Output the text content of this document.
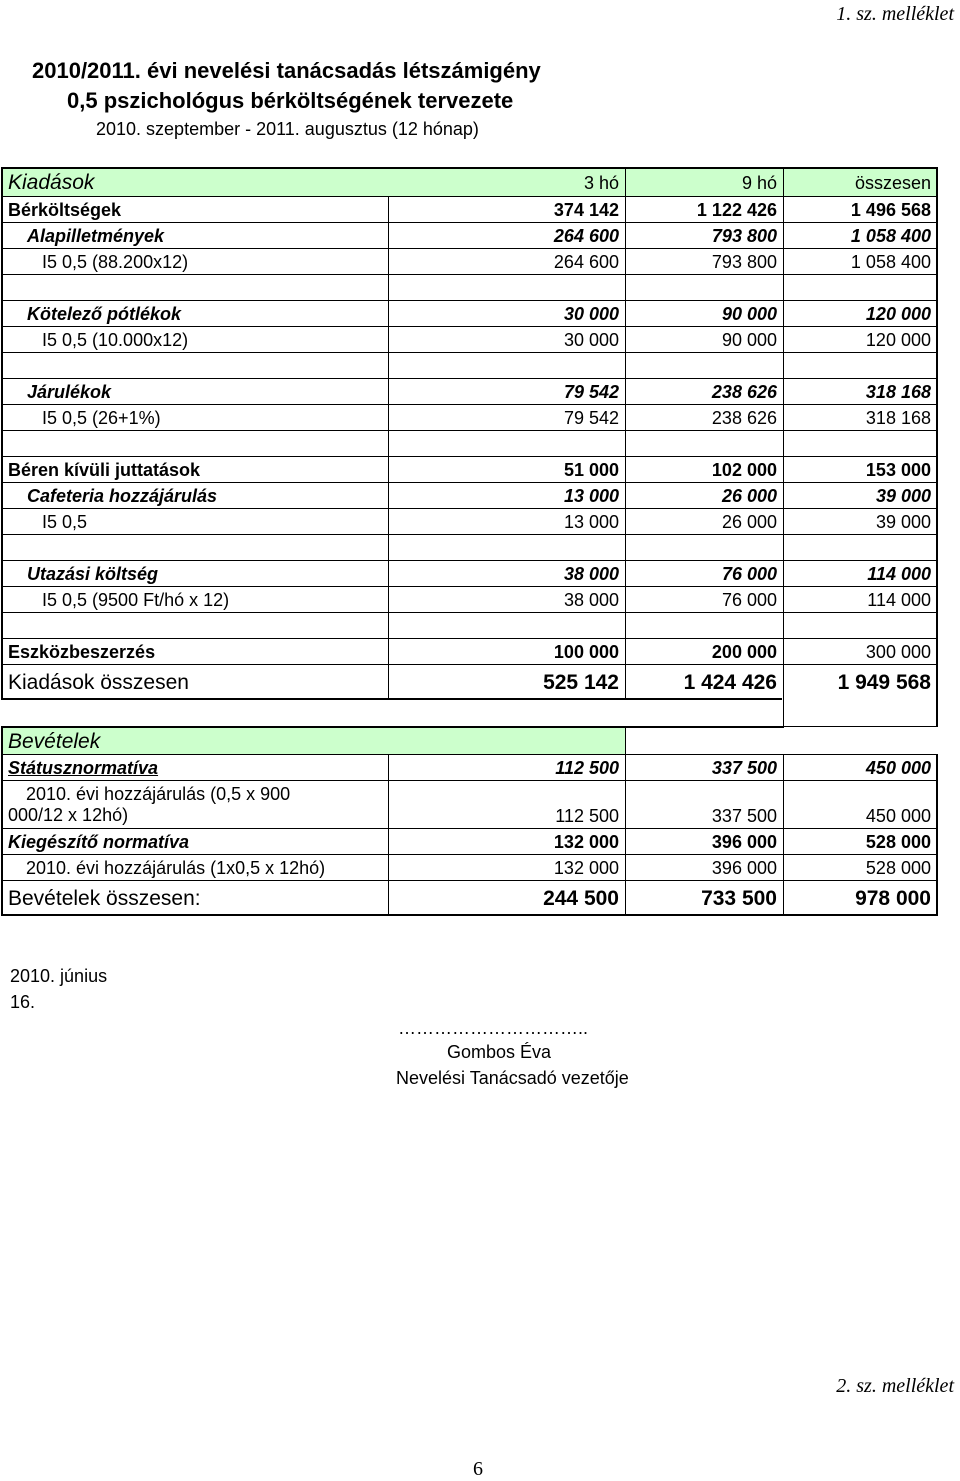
1. sz. melléklet
2010/2011. évi nevelési tanácsadás létszámigény
0,5 pszichológus bérköltségének tervezete
2010. szeptember - 2011. augusztus (12 hónap)
Kiadások	3 hó	9 hó	összesen
Bérköltségek	374 142	1 122 426	1 496 568
Alapilletmények	264 600	793 800	1 058 400
I5 0,5 (88.200x12)	264 600	793 800	1 058 400
Kötelező pótlékok	30 000	90 000	120 000
I5 0,5 (10.000x12)	30 000	90 000	120 000
Járulékok	79 542	238 626	318 168
I5 0,5 (26+1%)	79 542	238 626	318 168
Béren kívüli juttatások	51 000	102 000	153 000
Cafeteria hozzájárulás	13 000	26 000	39 000
I5 0,5	13 000	26 000	39 000
Utazási költség	38 000	76 000	114 000
I5 0,5 (9500 Ft/hó x 12)	38 000	76 000	114 000
Eszközbeszerzés	100 000	200 000	300 000
Kiadások összesen	525 142	1 424 426	1 949 568
Bevételek
Státusznormatíva	112 500	337 500	450 000
2010. évi hozzájárulás (0,5 x 900
000/12 x 12hó)	112 500	337 500	450 000
Kiegészítő normatíva	132 000	396 000	528 000
2010. évi hozzájárulás (1x0,5 x 12hó)	132 000	396 000	528 000
Bevételek összesen:	244 500	733 500	978 000
2010. június
16.
…………………………..
Gombos Éva
Nevelési Tanácsadó vezetője
2. sz. melléklet
6
